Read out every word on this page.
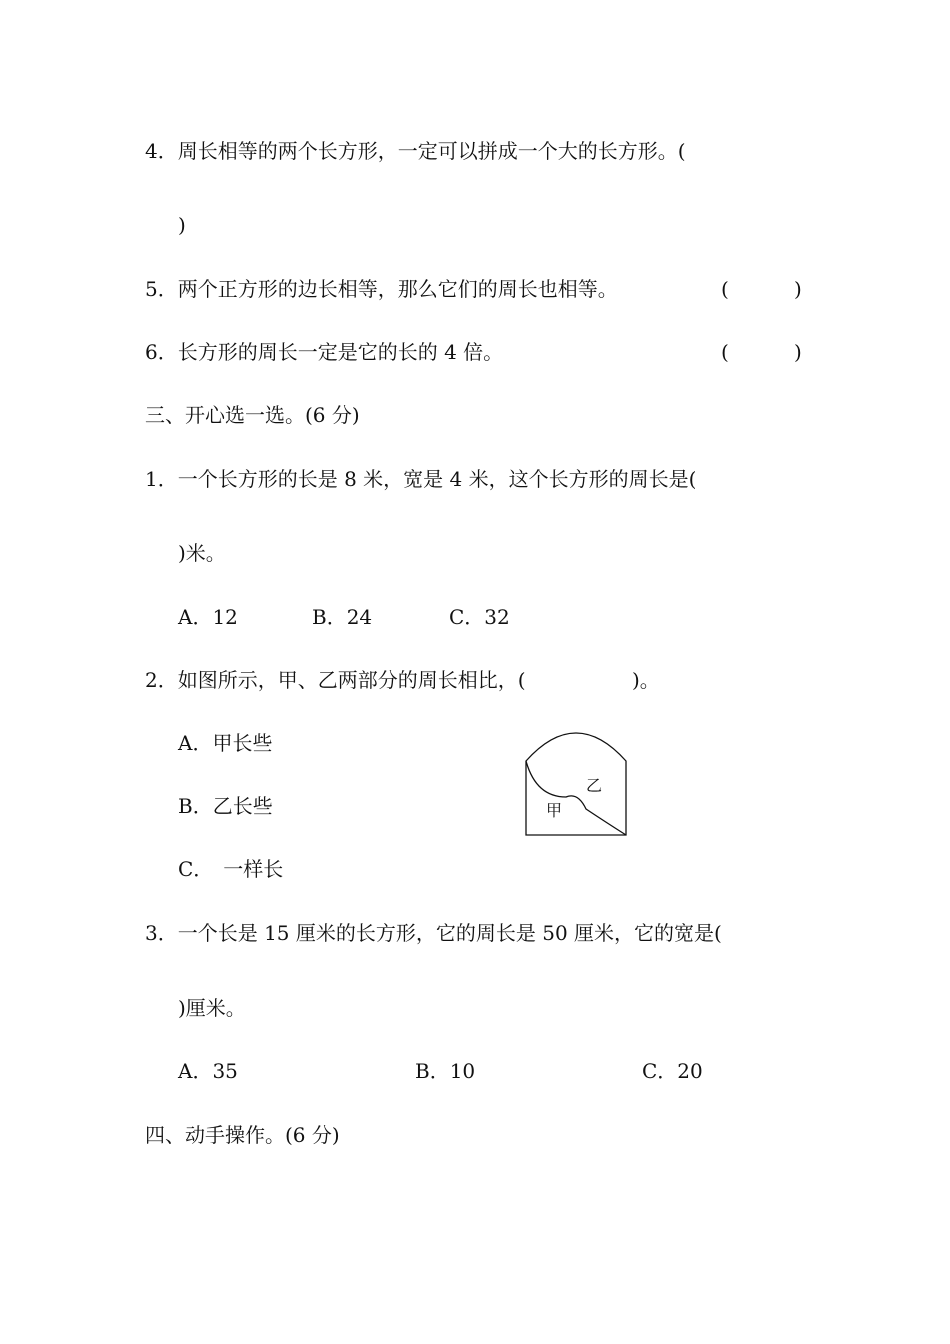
4．周长相等的两个长方形，一定可以拼成一个大的长方形。(
)
5．两个正方形的边长相等，那么它们的周长也相等。	(	)
6．长方形的周长一定是它的长的 4 倍。	(	)
三、开心选一选。(6 分)
1．一个长方形的长是 8 米，宽是 4 米，这个长方形的周长是(
)米。
A．12	B．24	C．32
2．如图所示，甲、乙两部分的周长相比，(	)。
A．甲长些
B．乙长些
C．　一样长
甲
乙
3．一个长是 15 厘米的长方形，它的周长是 50 厘米，它的宽是(
)厘米。
A．35	B．10	C．20
四、动手操作。(6 分)
